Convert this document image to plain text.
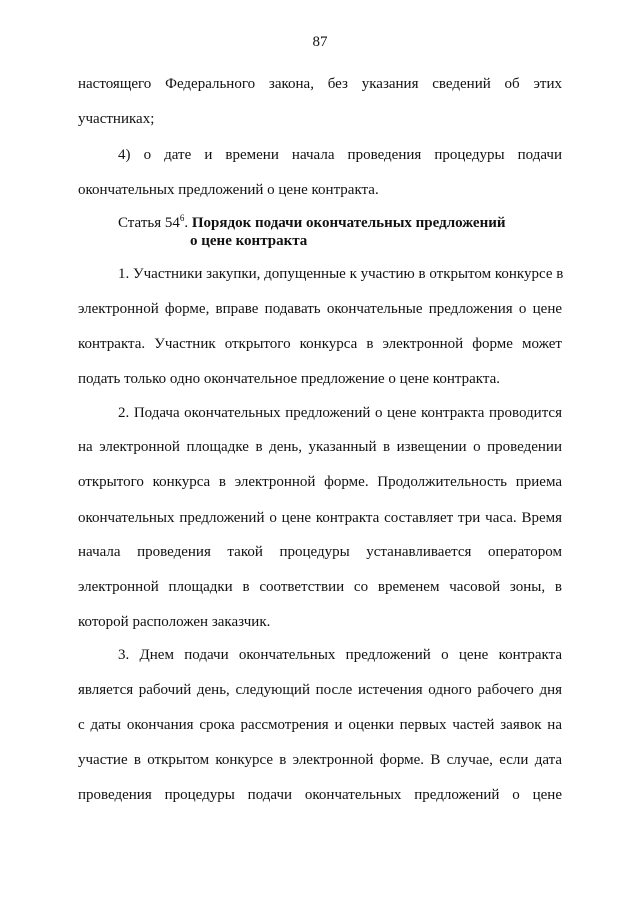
87
настоящего Федерального закона, без указания сведений об этих
участниках;
4) о дате и времени начала проведения процедуры подачи
окончательных предложений о цене контракта.
Статья $54^6$. Порядок подачи окончательных предложений
о цене контракта
1. Участники закупки, допущенные к участию в открытом конкурсе в
электронной форме, вправе подавать окончательные предложения о цене
контракта. Участник открытого конкурса в электронной форме может
подать только одно окончательное предложение о цене контракта.
2. Подача окончательных предложений о цене контракта проводится
на электронной площадке в день, указанный в извещении о проведении
открытого конкурса в электронной форме. Продолжительность приема
окончательных предложений о цене контракта составляет три часа. Время
начала проведения такой процедуры устанавливается оператором
электронной площадки в соответствии со временем часовой зоны, в
которой расположен заказчик.
3. Днем подачи окончательных предложений о цене контракта
является рабочий день, следующий после истечения одного рабочего дня
с даты окончания срока рассмотрения и оценки первых частей заявок на
участие в открытом конкурсе в электронной форме. В случае, если дата
проведения процедуры подачи окончательных предложений о цене
